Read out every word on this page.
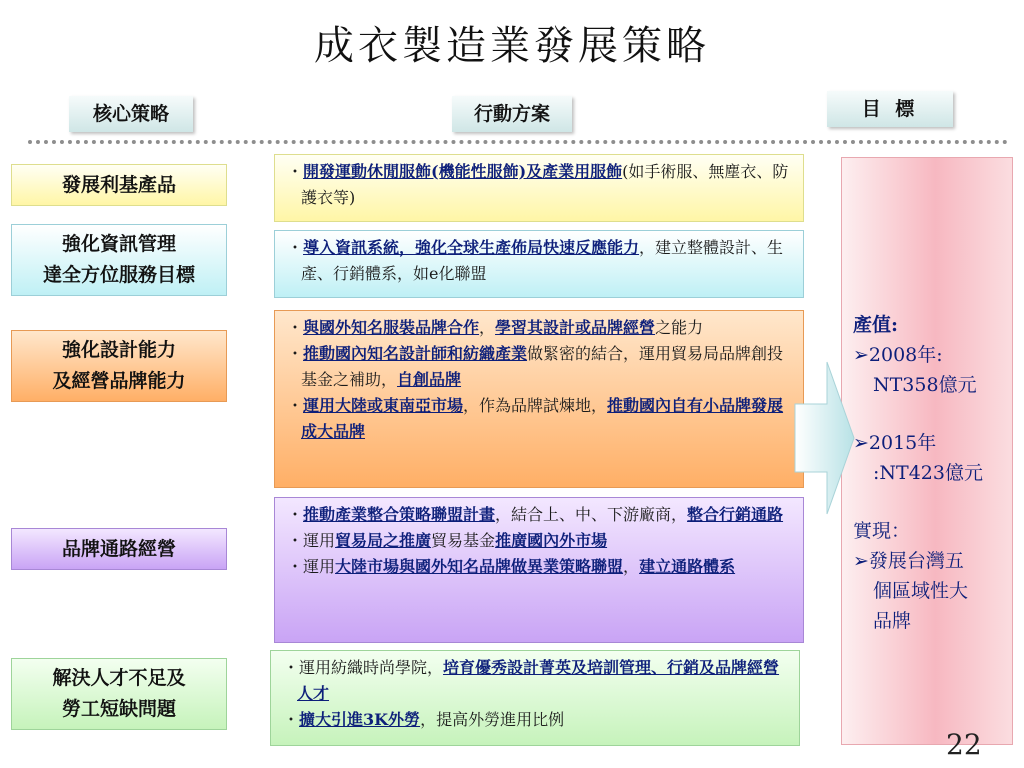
成衣製造業發展策略
核心策略	行動方案	目 標
發展利基產品
強化資訊管理
達全方位服務目標
強化設計能力
及經營品牌能力
品牌通路經營
解決人才不足及
勞工短缺問題

・開發運動休閒服飾(機能性服飾)及產業用服飾(如手術服、無塵衣、防護衣等)

・導入資訊系統，強化全球生產佈局快速反應能力，建立整體設計、生產、行銷體系，如e化聯盟

・與國外知名服裝品牌合作，學習其設計或品牌經營之能力

・推動國內知名設計師和紡織產業做緊密的結合，運用貿易局品牌創投基金之補助，自創品牌

・運用大陸或東南亞市場，作為品牌試煉地，推動國內自有小品牌發展成大品牌

・推動產業整合策略聯盟計畫，結合上、中、下游廠商，整合行銷通路

・運用貿易局之推廣貿易基金推廣國內外市場

・運用大陸市場與國外知名品牌做異業策略聯盟，建立通路體系

・運用紡織時尚學院，培育優秀設計菁英及培訓管理、行銷及品牌經營人才

・擴大引進3K外勞，提高外勞進用比例

產值:
➢2008年:
NT358億元
➢2015年
:NT423億元
實現：
➢發展台灣五
個區域性大
品牌
22
